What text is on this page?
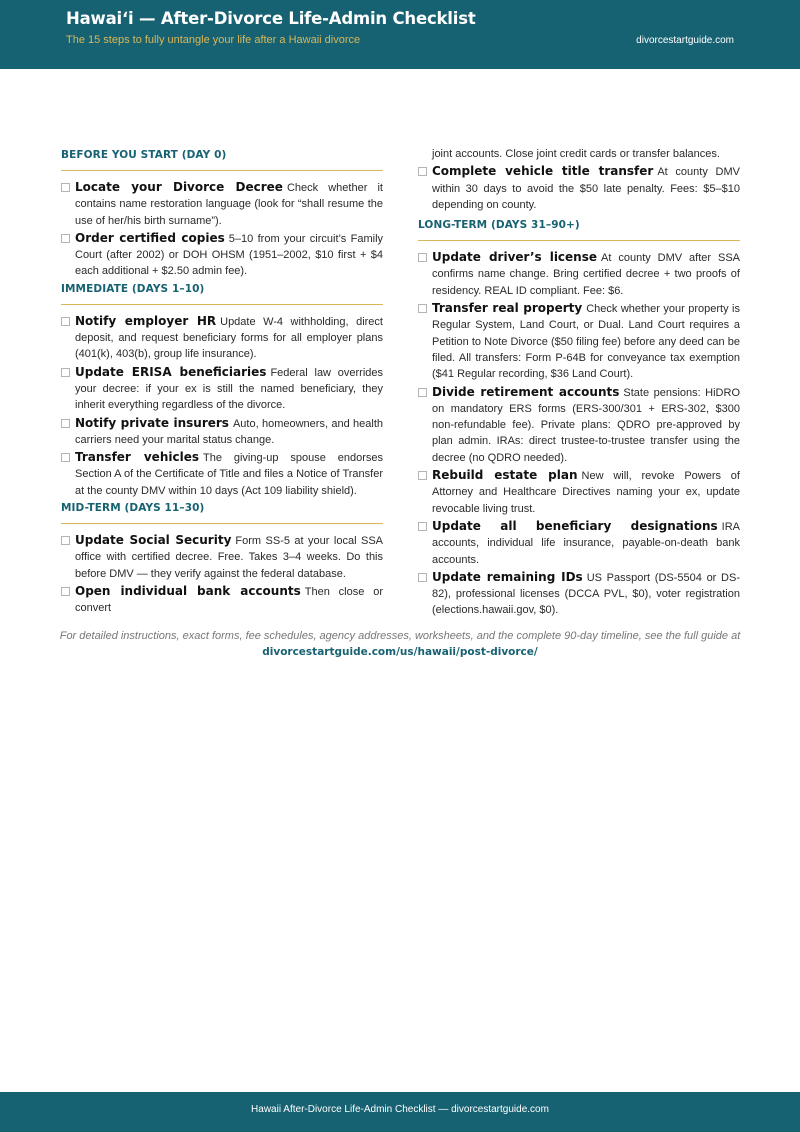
Hawaiʻi — After-Divorce Life-Admin Checklist
The 15 steps to fully untangle your life after a Hawaii divorce	divorcestartguide.com
BEFORE YOU START (DAY 0)
Locate your Divorce Decree Check whether it contains name restoration language (look for “shall resume the use of her/his birth surname”).
Order certified copies 5–10 from your circuit’s Family Court (after 2002) or DOH OHSM (1951–2002, $10 first + $4 each additional + $2.50 admin fee).
IMMEDIATE (DAYS 1–10)
Notify employer HR Update W-4 withholding, direct deposit, and request beneficiary forms for all employer plans (401(k), 403(b), group life insurance).
Update ERISA beneficiaries Federal law overrides your decree: if your ex is still the named beneficiary, they inherit everything regardless of the divorce.
Notify private insurers Auto, homeowners, and health carriers need your marital status change.
Transfer vehicles The giving-up spouse endorses Section A of the Certificate of Title and files a Notice of Transfer at the county DMV within 10 days (Act 109 liability shield).
MID-TERM (DAYS 11–30)
Update Social Security Form SS-5 at your local SSA office with certified decree. Free. Takes 3–4 weeks. Do this before DMV — they verify against the federal database.
Open individual bank accounts Then close or convert
joint accounts. Close joint credit cards or transfer balances.
Complete vehicle title transfer At county DMV within 30 days to avoid the $50 late penalty. Fees: $5–$10 depending on county.
LONG-TERM (DAYS 31–90+)
Update driver’s license At county DMV after SSA confirms name change. Bring certified decree + two proofs of residency. REAL ID compliant. Fee: $6.
Transfer real property Check whether your property is Regular System, Land Court, or Dual. Land Court requires a Petition to Note Divorce ($50 filing fee) before any deed can be filed. All transfers: Form P-64B for conveyance tax exemption ($41 Regular recording, $36 Land Court).
Divide retirement accounts State pensions: HiDRO on mandatory ERS forms (ERS-300/301 + ERS-302, $300 non-refundable fee). Private plans: QDRO pre-approved by plan admin. IRAs: direct trustee-to-trustee transfer using the decree (no QDRO needed).
Rebuild estate plan New will, revoke Powers of Attorney and Healthcare Directives naming your ex, update revocable living trust.
Update all beneficiary designations IRA accounts, individual life insurance, payable-on-death bank accounts.
Update remaining IDs US Passport (DS-5504 or DS-82), professional licenses (DCCA PVL, $0), voter registration (elections.hawaii.gov, $0).
For detailed instructions, exact forms, fee schedules, agency addresses, worksheets, and the complete 90-day timeline, see the full guide at
divorcestartguide.com/us/hawaii/post-divorce/
Hawaii After-Divorce Life-Admin Checklist — divorcestartguide.com
